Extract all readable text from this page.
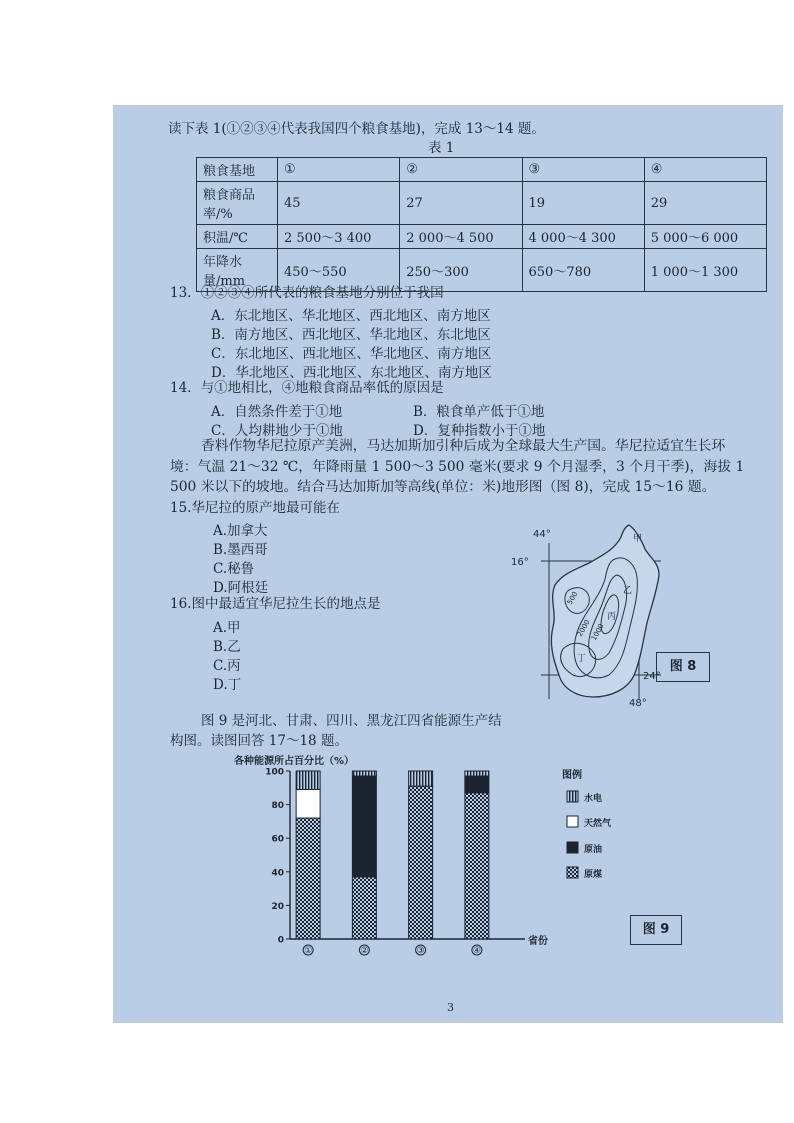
读下表 1(①②③④代表我国四个粮食基地)，完成 13～14 题。
表 1
粮食基地	①	②	③	④
粮食商品率/%	45	27	19	29
积温/℃	2 500～3 400	2 000～4 500	4 000～4 300	5 000～6 000
年降水量/mm	450～550	250～300	650～780	1 000～1 300
13．①②③④所代表的粮食基地分别位于我国
A．东北地区、华北地区、西北地区、南方地区
B．南方地区、西北地区、华北地区、东北地区
C．东北地区、西北地区、华北地区、南方地区
D．华北地区、西北地区、东北地区、南方地区
14．与①地相比，④地粮食商品率低的原因是
A．自然条件差于①地	B．粮食单产低于①地
C．人均耕地少于①地	D．复种指数小于①地
香料作物华尼拉原产美洲，马达加斯加引种后成为全球最大生产国。华尼拉适宜生长环
境：气温 21～32 ℃，年降雨量 1 500～3 500 毫米(要求 9 个月湿季，3 个月干季)，海拔 1
500 米以下的坡地。结合马达加斯加等高线(单位：米)地形图（图 8)，完成 15～16 题。
15.华尼拉的原产地最可能在
A.加拿大
B.墨西哥
C.秘鲁
D.阿根廷
16.图中最适宜华尼拉生长的地点是
A.甲
B.乙
C.丙
D.丁
44°
16°
24°
48°
甲
乙
丙
丁
500
1000
2000
图 8
图 9 是河北、甘肃、四川、黑龙江四省能源生产结
构图。读图回答 17～18 题。
各种能源所占百分比（%）
0
20
40
60
80
100
①	②	③	④
省份
图例
水电
天然气
原油
原煤
图 9
3
